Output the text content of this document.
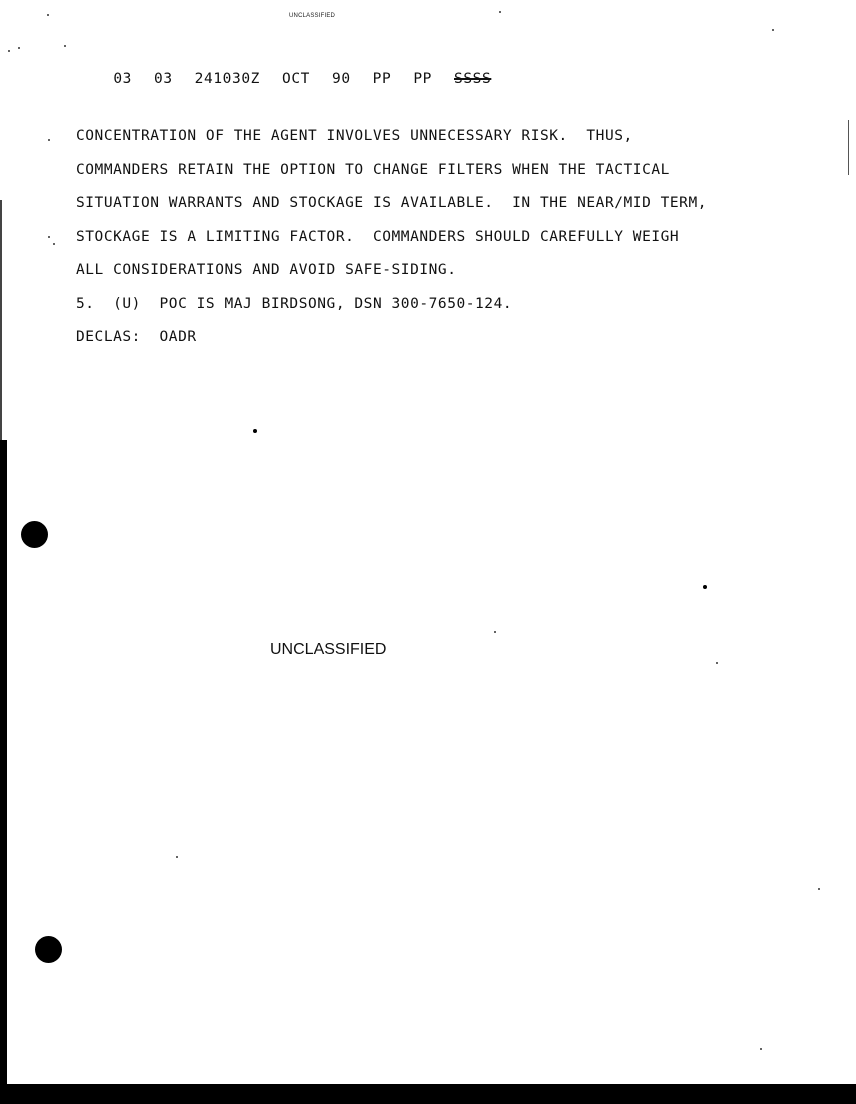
UNCLASSIFIED

03 03 241030Z OCT 90 PP PP SSSS

CONCENTRATION OF THE AGENT INVOLVES UNNECESSARY RISK.  THUS,
COMMANDERS RETAIN THE OPTION TO CHANGE FILTERS WHEN THE TACTICAL
SITUATION WARRANTS AND STOCKAGE IS AVAILABLE.  IN THE NEAR/MID TERM,
STOCKAGE IS A LIMITING FACTOR.  COMMANDERS SHOULD CAREFULLY WEIGH
ALL CONSIDERATIONS AND AVOID SAFE-SIDING.
5.  (U)  POC IS MAJ BIRDSONG, DSN 300-7650-124.
DECLAS:  OADR
UNCLASSIFIED
